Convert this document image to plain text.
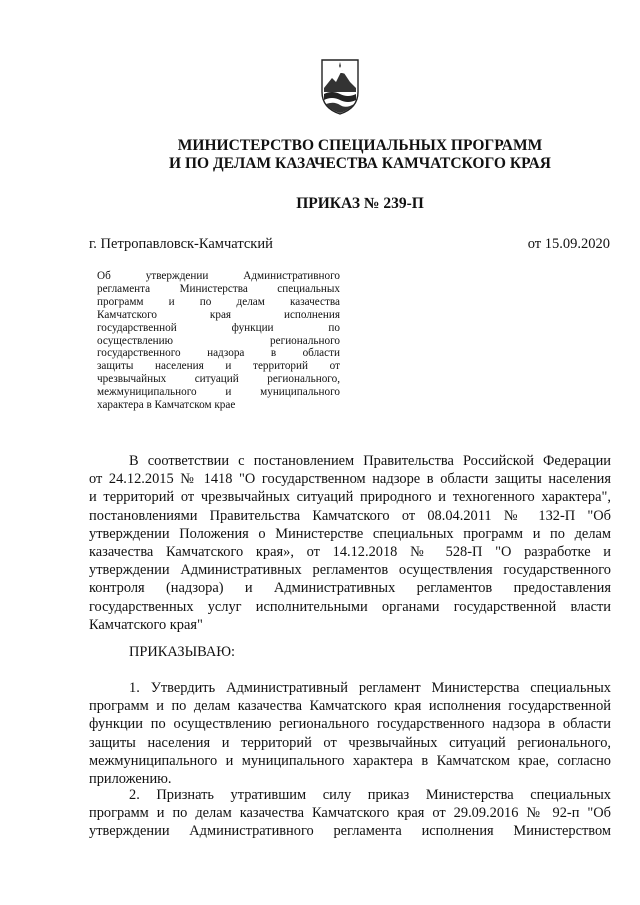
МИНИСТЕРСТВО СПЕЦИАЛЬНЫХ ПРОГРАММ
И ПО ДЕЛАМ КАЗАЧЕСТВА КАМЧАТСКОГО КРАЯ
ПРИКАЗ № 239-П
г. Петропавловск-Камчатский	от 15.09.2020
Об утверждении Административного
регламента Министерства специальных
программ и по делам казачества
Камчатского края исполнения
государственной функции по
осуществлению регионального
государственного надзора в области
защиты населения и территорий от
чрезвычайных ситуаций регионального,
межмуниципального и муниципального
характера в Камчатском крае
В соответствии с постановлением Правительства Российской Федерации
от 24.12.2015 № 1418 "О государственном надзоре в области защиты населения
и территорий от чрезвычайных ситуаций природного и техногенного характера",
постановлениями Правительства Камчатского от 08.04.2011 № 132-П "Об
утверждении Положения о Министерстве специальных программ и по делам
казачества Камчатского края», от 14.12.2018 № 528-П "О разработке и
утверждении Административных регламентов осуществления государственного
контроля (надзора) и Административных регламентов предоставления
государственных услуг исполнительными органами государственной власти
Камчатского края"
ПРИКАЗЫВАЮ:
1. Утвердить Административный регламент Министерства специальных
программ и по делам казачества Камчатского края исполнения государственной
функции по осуществлению регионального государственного надзора в области
защиты населения и территорий от чрезвычайных ситуаций регионального,
межмуниципального и муниципального характера в Камчатском крае, согласно
приложению.
2. Признать утратившим силу приказ Министерства специальных
программ и по делам казачества Камчатского края от 29.09.2016 № 92-п "Об
утверждении Административного регламента исполнения Министерством
